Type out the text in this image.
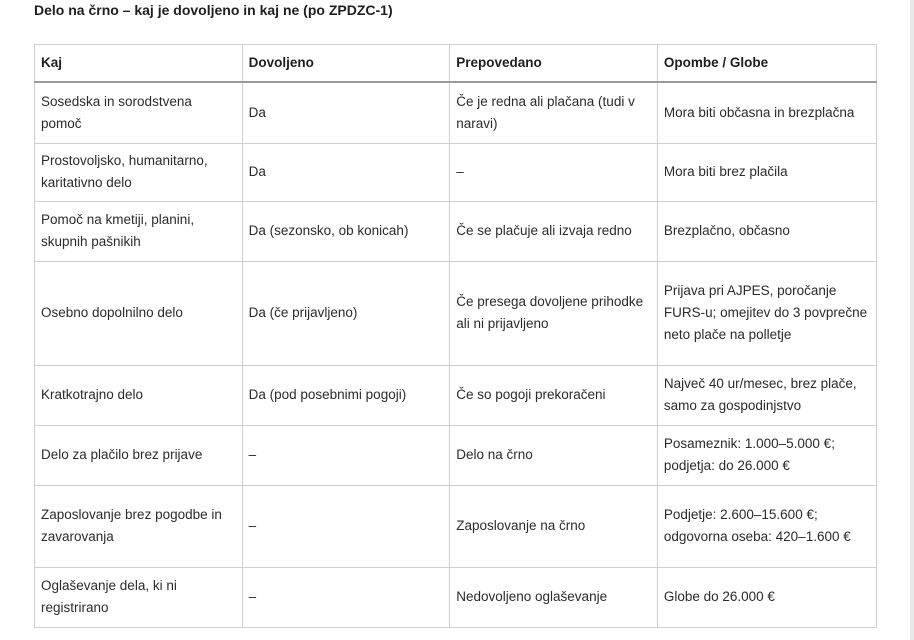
Delo na črno – kaj je dovoljeno in kaj ne (po ZPDZC-1)
Kaj	Dovoljeno	Prepovedano	Opombe / Globe
Sosedska in sorodstvena pomoč	Da	Če je redna ali plačana (tudi v naravi)	Mora biti občasna in brezplačna
Prostovoljsko, humanitarno, karitativno delo	Da	–	Mora biti brez plačila
Pomoč na kmetiji, planini, skupnih pašnikih	Da (sezonsko, ob konicah)	Če se plačuje ali izvaja redno	Brezplačno, občasno
Osebno dopolnilno delo	Da (če prijavljeno)	Če presega dovoljene prihodke ali ni prijavljeno	Prijava pri AJPES, poročanje FURS-u; omejitev do 3 povprečne neto plače na polletje
Kratkotrajno delo	Da (pod posebnimi pogoji)	Če so pogoji prekoračeni	Največ 40 ur/mesec, brez plače, samo za gospodinjstvo
Delo za plačilo brez prijave	–	Delo na črno	Posameznik: 1.000–5.000 €; podjetja: do 26.000 €
Zaposlovanje brez pogodbe in zavarovanja	–	Zaposlovanje na črno	Podjetje: 2.600–15.600 €; odgovorna oseba: 420–1.600 €
Oglaševanje dela, ki ni registrirano	–	Nedovoljeno oglaševanje	Globe do 26.000 €
